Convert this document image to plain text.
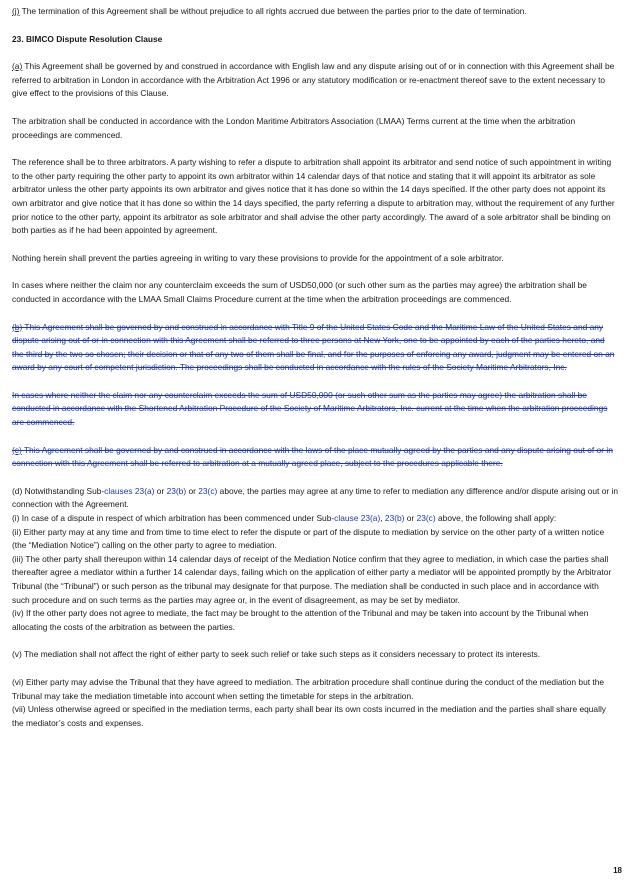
(j) The termination of this Agreement shall be without prejudice to all rights accrued due between the parties prior to the date of termination.

23. BIMCO Dispute Resolution Clause

(a) This Agreement shall be governed by and construed in accordance with English law and any dispute arising out of or in connection with this Agreement shall be referred to arbitration in London in accordance with the Arbitration Act 1996 or any statutory modification or re-enactment thereof save to the extent necessary to give effect to the provisions of this Clause.

The arbitration shall be conducted in accordance with the London Maritime Arbitrators Association (LMAA) Terms current at the time when the arbitration proceedings are commenced.

The reference shall be to three arbitrators. A party wishing to refer a dispute to arbitration shall appoint its arbitrator and send notice of such appointment in writing to the other party requiring the other party to appoint its own arbitrator within 14 calendar days of that notice and stating that it will appoint its arbitrator as sole arbitrator unless the other party appoints its own arbitrator and gives notice that it has done so within the 14 days specified. If the other party does not appoint its own arbitrator and give notice that it has done so within the 14 days specified, the party referring a dispute to arbitration may, without the requirement of any further prior notice to the other party, appoint its arbitrator as sole arbitrator and shall advise the other party accordingly. The award of a sole arbitrator shall be binding on both parties as if he had been appointed by agreement.

Nothing herein shall prevent the parties agreeing in writing to vary these provisions to provide for the appointment of a sole arbitrator.

In cases where neither the claim nor any counterclaim exceeds the sum of USD50,000 (or such other sum as the parties may agree) the arbitration shall be conducted in accordance with the LMAA Small Claims Procedure current at the time when the arbitration proceedings are commenced.

(b) This Agreement shall be governed by and construed in accordance with Title 9 of the United States Code and the Maritime Law of the United States and any dispute arising out of or in connection with this Agreement shall be referred to three persons at New York, one to be appointed by each of the parties hereto, and the third by the two so chosen; their decision or that of any two of them shall be final, and for the purposes of enforcing any award, judgment may be entered on an award by any court of competent jurisdiction. The proceedings shall be conducted in accordance with the rules of the Society Maritime Arbitrators, Inc.

In cases where neither the claim nor any counterclaim exceeds the sum of USD50,000 (or such other sum as the parties may agree) the arbitration shall be conducted in accordance with the Shortened Arbitration Procedure of the Society of Maritime Arbitrators, Inc. current at the time when the arbitration proceedings are commenced.

(c) This Agreement shall be governed by and construed in accordance with the laws of the place mutually agreed by the parties and any dispute arising out of or in connection with this Agreement shall be referred to arbitration at a mutually agreed place, subject to the procedures applicable there.

(d) Notwithstanding Sub-clauses 23(a) or 23(b) or 23(c) above, the parties may agree at any time to refer to mediation any difference and/or dispute arising out or in connection with the Agreement.

(i) In case of a dispute in respect of which arbitration has been commenced under Sub-clause 23(a), 23(b) or 23(c) above, the following shall apply:

(ii) Either party may at any time and from time to time elect to refer the dispute or part of the dispute to mediation by service on the other party of a written notice (the “Mediation Notice”) calling on the other party to agree to mediation.

(iii) The other party shall thereupon within 14 calendar days of receipt of the Mediation Notice confirm that they agree to mediation, in which case the parties shall thereafter agree a mediator within a further 14 calendar days, failing which on the application of either party a mediator will be appointed promptly by the Arbitrator Tribunal (the “Tribunal”) or such person as the tribunal may designate for that purpose. The mediation shall be conducted in such place and in accordance with such procedure and on such terms as the parties may agree or, in the event of disagreement, as may be set by mediator.

(iv) If the other party does not agree to mediate, the fact may be brought to the attention of the Tribunal and may be taken into account by the Tribunal when allocating the costs of the arbitration as between the parties.

(v) The mediation shall not affect the right of either party to seek such relief or take such steps as it considers necessary to protect its interests.

(vi) Either party may advise the Tribunal that they have agreed to mediation. The arbitration procedure shall continue during the conduct of the mediation but the Tribunal may take the mediation timetable into account when setting the timetable for steps in the arbitration.

(vii) Unless otherwise agreed or specified in the mediation terms, each party shall bear its own costs incurred in the mediation and the parties shall share equally the mediator’s costs and expenses.

18
